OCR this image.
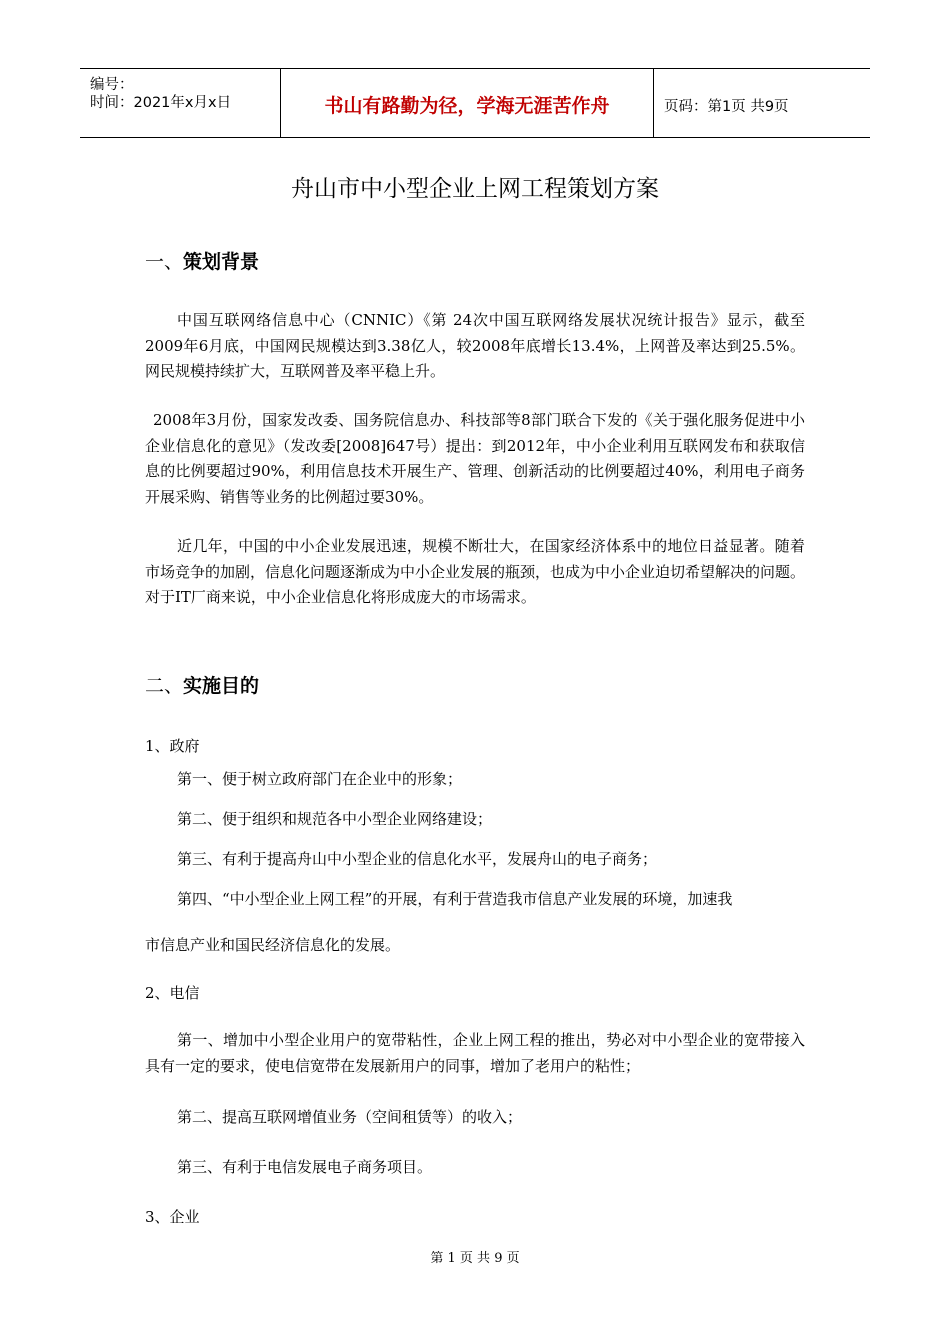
编号：
时间：2021年x月x日	书山有路勤为径，学海无涯苦作舟	页码：第1页 共9页
舟山市中小型企业上网工程策划方案
一、策划背景

中国互联网络信息中心（CNNIC）《第 24次中国互联网络发展状况统计报告》显示，截至2009年6月底，中国网民规模达到3.38亿人，较2008年底增长13.4%，上网普及率达到25.5%。网民规模持续扩大，互联网普及率平稳上升。

2008年3月份，国家发改委、国务院信息办、科技部等8部门联合下发的《关于强化服务促进中小企业信息化的意见》（发改委[2008]647号）提出：到2012年，中小企业利用互联网发布和获取信息的比例要超过90%，利用信息技术开展生产、管理、创新活动的比例要超过40%，利用电子商务开展采购、销售等业务的比例超过要30%。

近几年，中国的中小企业发展迅速，规模不断壮大，在国家经济体系中的地位日益显著。随着市场竞争的加剧，信息化问题逐渐成为中小企业发展的瓶颈，也成为中小企业迫切希望解决的问题。对于IT厂商来说，中小企业信息化将形成庞大的市场需求。

二、实施目的
1、政府
第一、便于树立政府部门在企业中的形象；
第二、便于组织和规范各中小型企业网络建设；
第三、有利于提高舟山中小型企业的信息化水平，发展舟山的电子商务；
第四、“中小型企业上网工程”的开展，有利于营造我市信息产业发展的环境，加速我
市信息产业和国民经济信息化的发展。
2、电信

第一、增加中小型企业用户的宽带粘性，企业上网工程的推出，势必对中小型企业的宽带接入具有一定的要求，使电信宽带在发展新用户的同事，增加了老用户的粘性；

第二、提高互联网增值业务（空间租赁等）的收入；
第三、有利于电信发展电子商务项目。
3、企业
第 1 页 共 9 页
